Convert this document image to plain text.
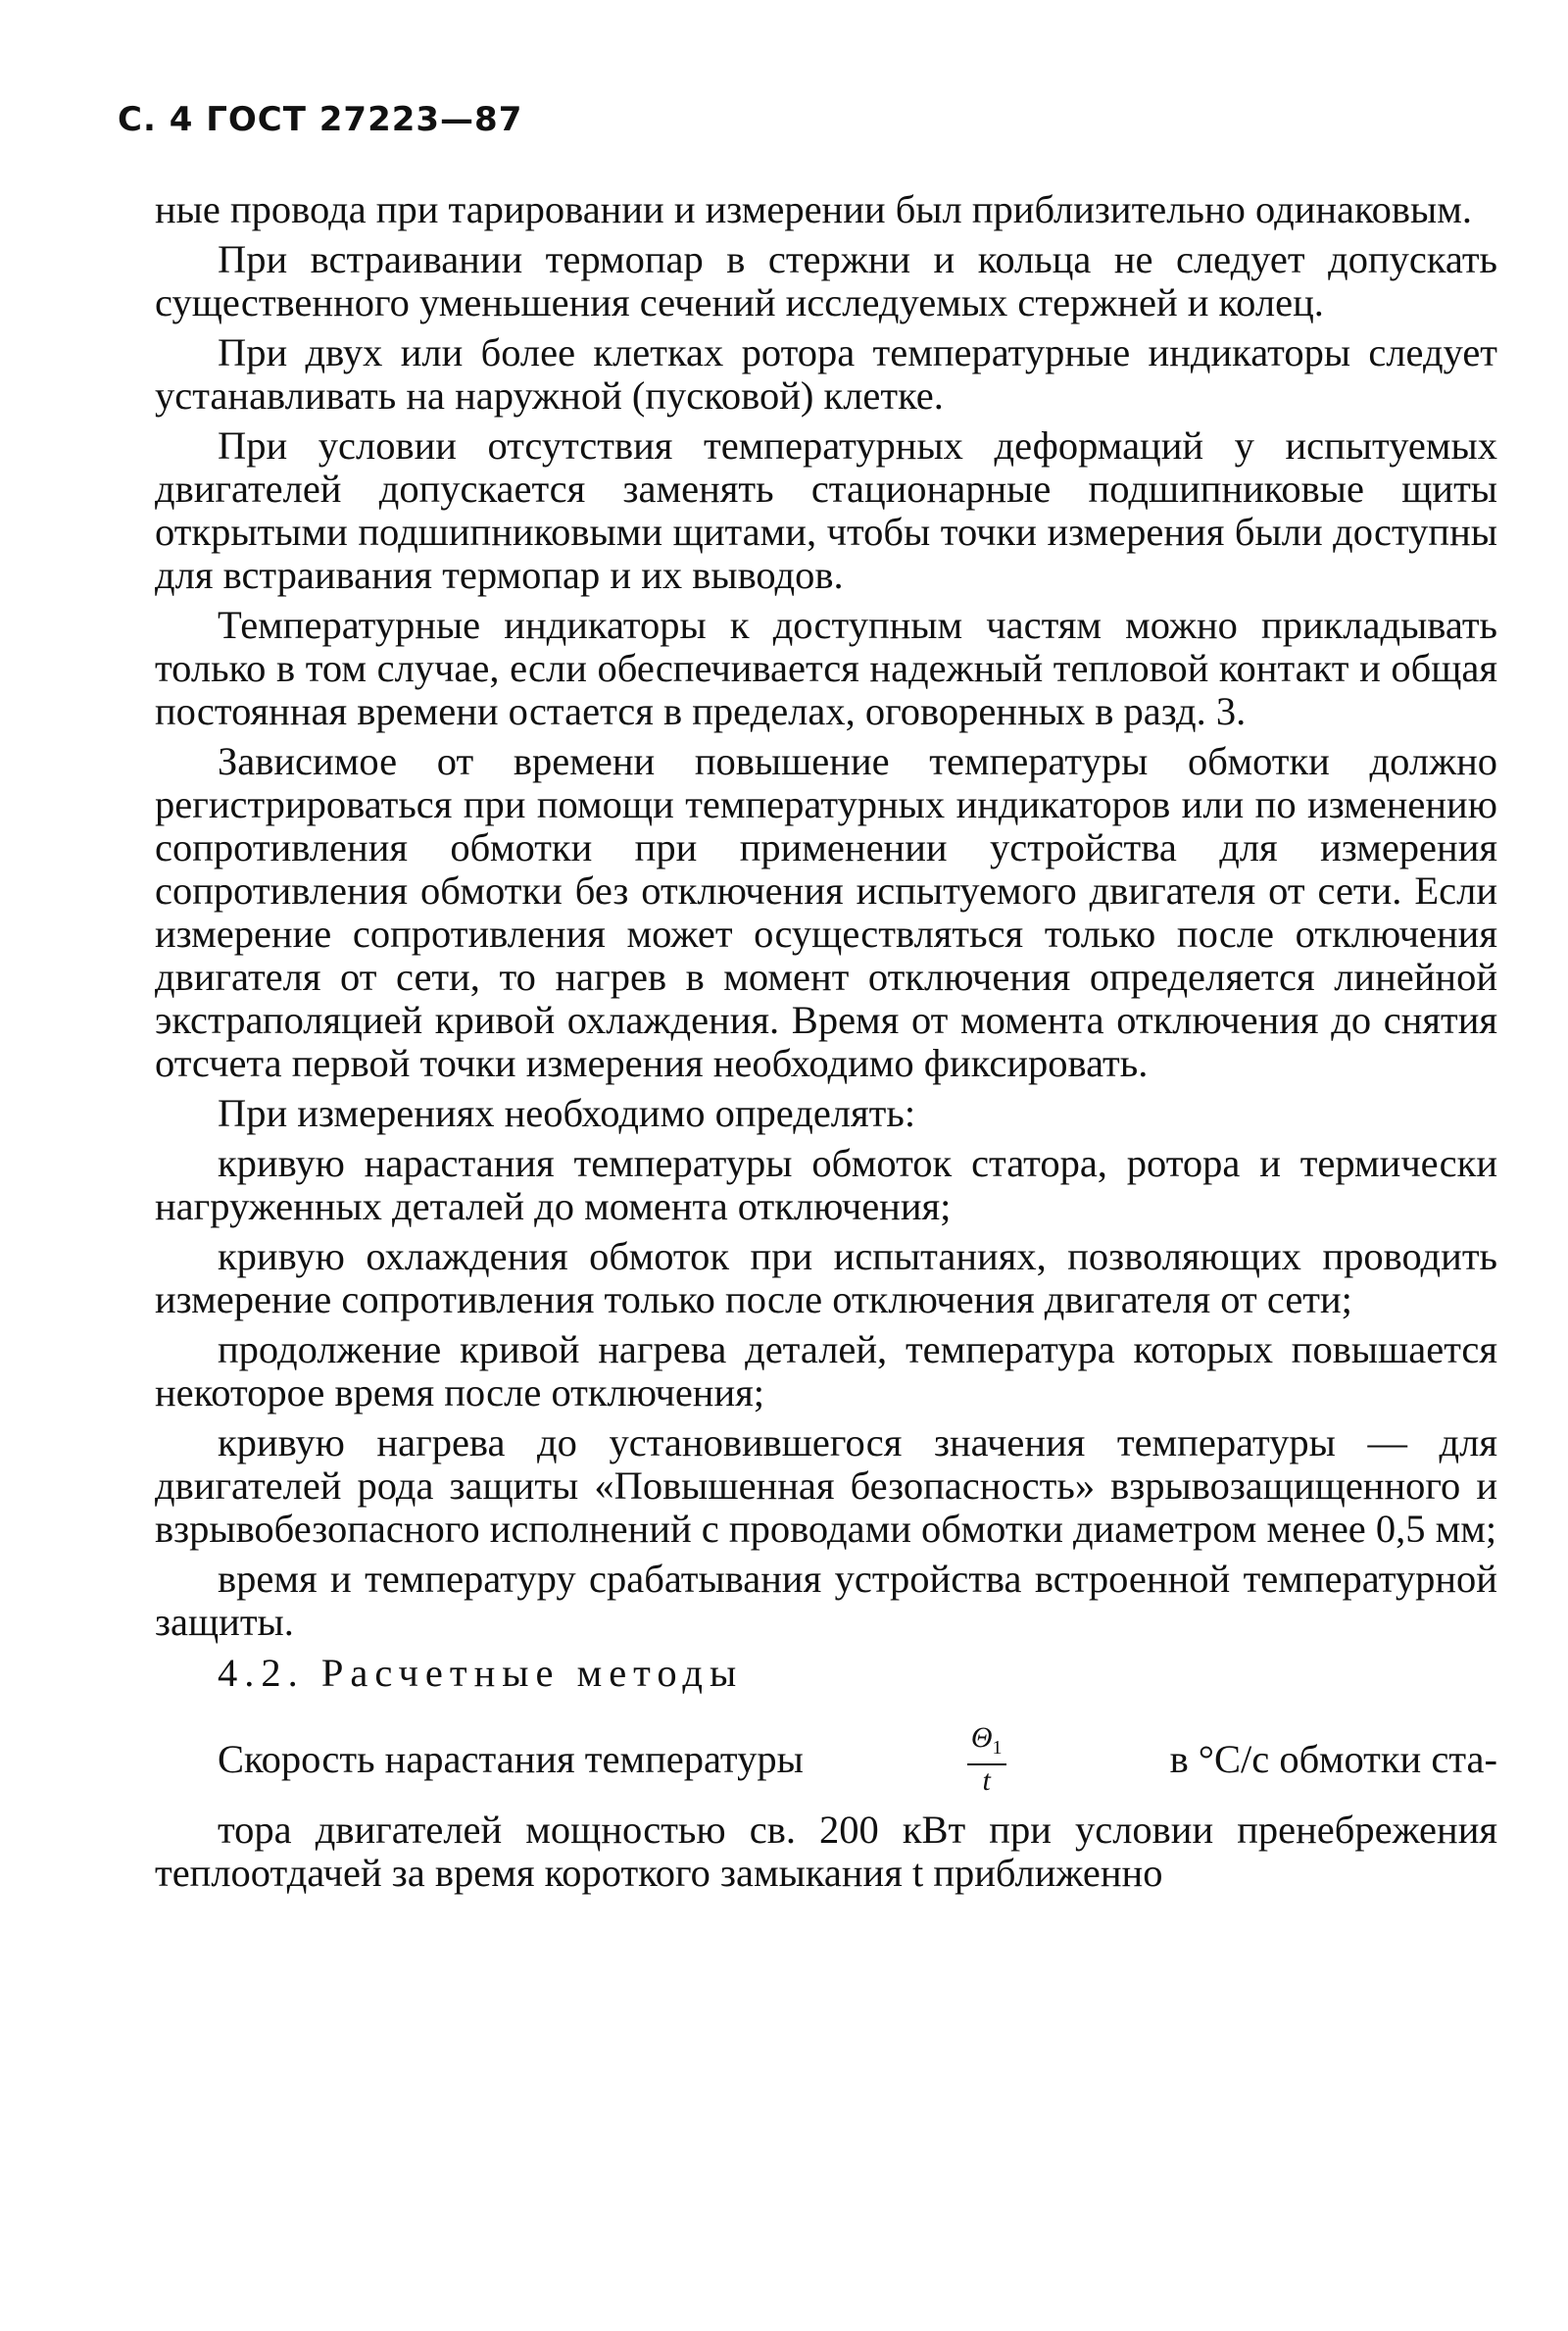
С. 4 ГОСТ 27223—87

ные провода при тарировании и измерении был приблизительно одинаковым.

При встраивании термопар в стержни и кольца не следует допускать существенного уменьшения сечений исследуемых стержней и колец.

При двух или более клетках ротора температурные индикаторы следует устанавливать на наружной (пусковой) клетке.

При условии отсутствия температурных деформаций у испытуемых двигателей допускается заменять стационарные подшипниковые щиты открытыми подшипниковыми щитами, чтобы точки измерения были доступны для встраивания термопар и их выводов.

Температурные индикаторы к доступным частям можно прикладывать только в том случае, если обеспечивается надежный тепловой контакт и общая постоянная времени остается в пределах, оговоренных в разд. 3.

Зависимое от времени повышение температуры обмотки должно регистрироваться при помощи температурных индикаторов или по изменению сопротивления обмотки при применении устройства для измерения сопротивления обмотки без отключения испытуемого двигателя от сети. Если измерение сопротивления может осуществляться только после отключения двигателя от сети, то нагрев в момент отключения определяется линейной экстраполяцией кривой охлаждения. Время от момента отключения до снятия отсчета первой точки измерения необходимо фиксировать.

При измерениях необходимо определять:

кривую нарастания температуры обмоток статора, ротора и термически нагруженных деталей до момента отключения;

кривую охлаждения обмоток при испытаниях, позволяющих проводить измерение сопротивления только после отключения двигателя от сети;

продолжение кривой нагрева деталей, температура которых повышается некоторое время после отключения;

кривую нагрева до установившегося значения температуры — для двигателей рода защиты «Повышенная безопасность» взрывозащищенного и взрывобезопасного исполнений с проводами обмотки диаметром менее 0,5 мм;

время и температуру срабатывания устройства встроенной температурной защиты.

4.2. Расчетные методы
Скорость нарастания температуры	$\frac{\Theta_1}{t}$	в °С/с обмотки ста-

тора двигателей мощностью св. 200 кВт при условии пренебрежения теплоотдачей за время короткого замыкания t приближенно
